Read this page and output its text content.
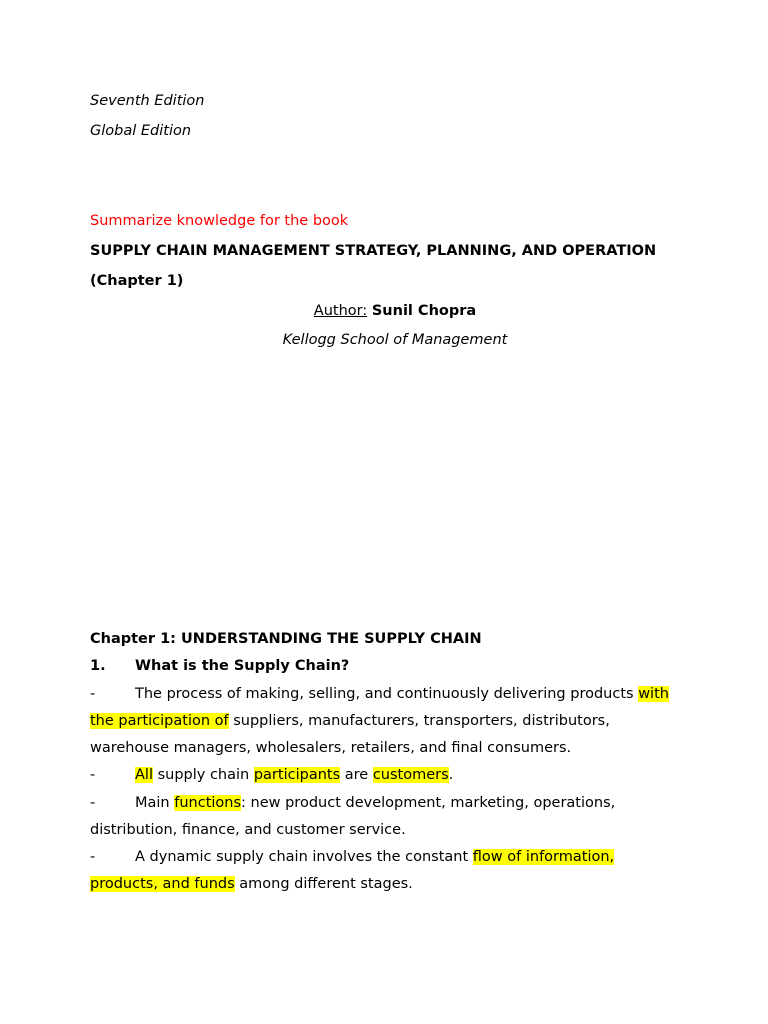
Seventh Edition
Global Edition
Summarize knowledge for the book
SUPPLY CHAIN MANAGEMENT STRATEGY, PLANNING, AND OPERATION
(Chapter 1)
Author: Sunil Chopra
Kellogg School of Management
Chapter 1: UNDERSTANDING THE SUPPLY CHAIN
1. What is the Supply Chain?
-	The process of making, selling, and continuously delivering products with
the participation of suppliers, manufacturers, transporters, distributors,
warehouse managers, wholesalers, retailers, and final consumers.
-	All supply chain participants are customers.
-	Main functions: new product development, marketing, operations,
distribution, finance, and customer service.
-	A dynamic supply chain involves the constant flow of information,
products, and funds among different stages.
